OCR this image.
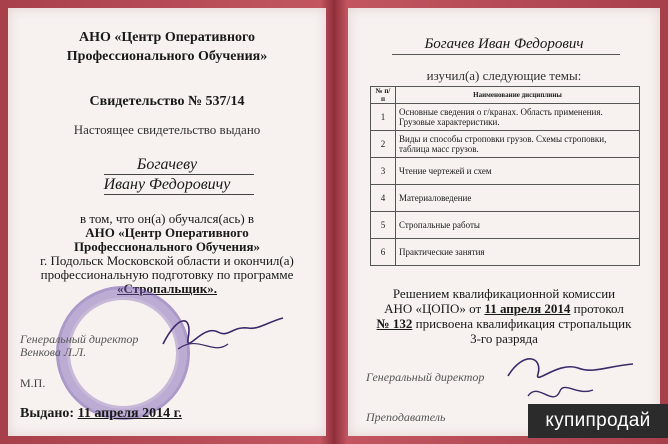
АНО «Центр Оперативного
Профессионального Обучения»
Свидетельство № 537/14
Настоящее свидетельство выдано
Богачеву
Ивану Федоровичу
в том, что он(а) обучался(ась) в
АНО «Центр Оперативного
Профессионального Обучения»
г. Подольск Московской области и окончил(а)
профессиональную подготовку по программе
«Стропальщик».
Генеральный директор
Венкова Л.Л.
М.П.
Выдано: 11 апреля 2014 г.
Богачев Иван Федорович
изучил(а) следующие темы:
№ п/п	Наименование дисциплины
1	Основные сведения о г/кранах. Область применения. Грузовые характеристики.
2	Виды и способы строповки грузов. Схемы строповки, таблица масс грузов.
3	Чтение чертежей и схем
4	Материаловедение
5	Стропальные работы
6	Практические занятия
Решением квалификационной комиссии
АНО «ЦОПО» от 11 апреля 2014 протокол
№ 132 присвоена квалификация стропальщик
3-го разряда
Генеральный директор
Преподаватель	купипродай
